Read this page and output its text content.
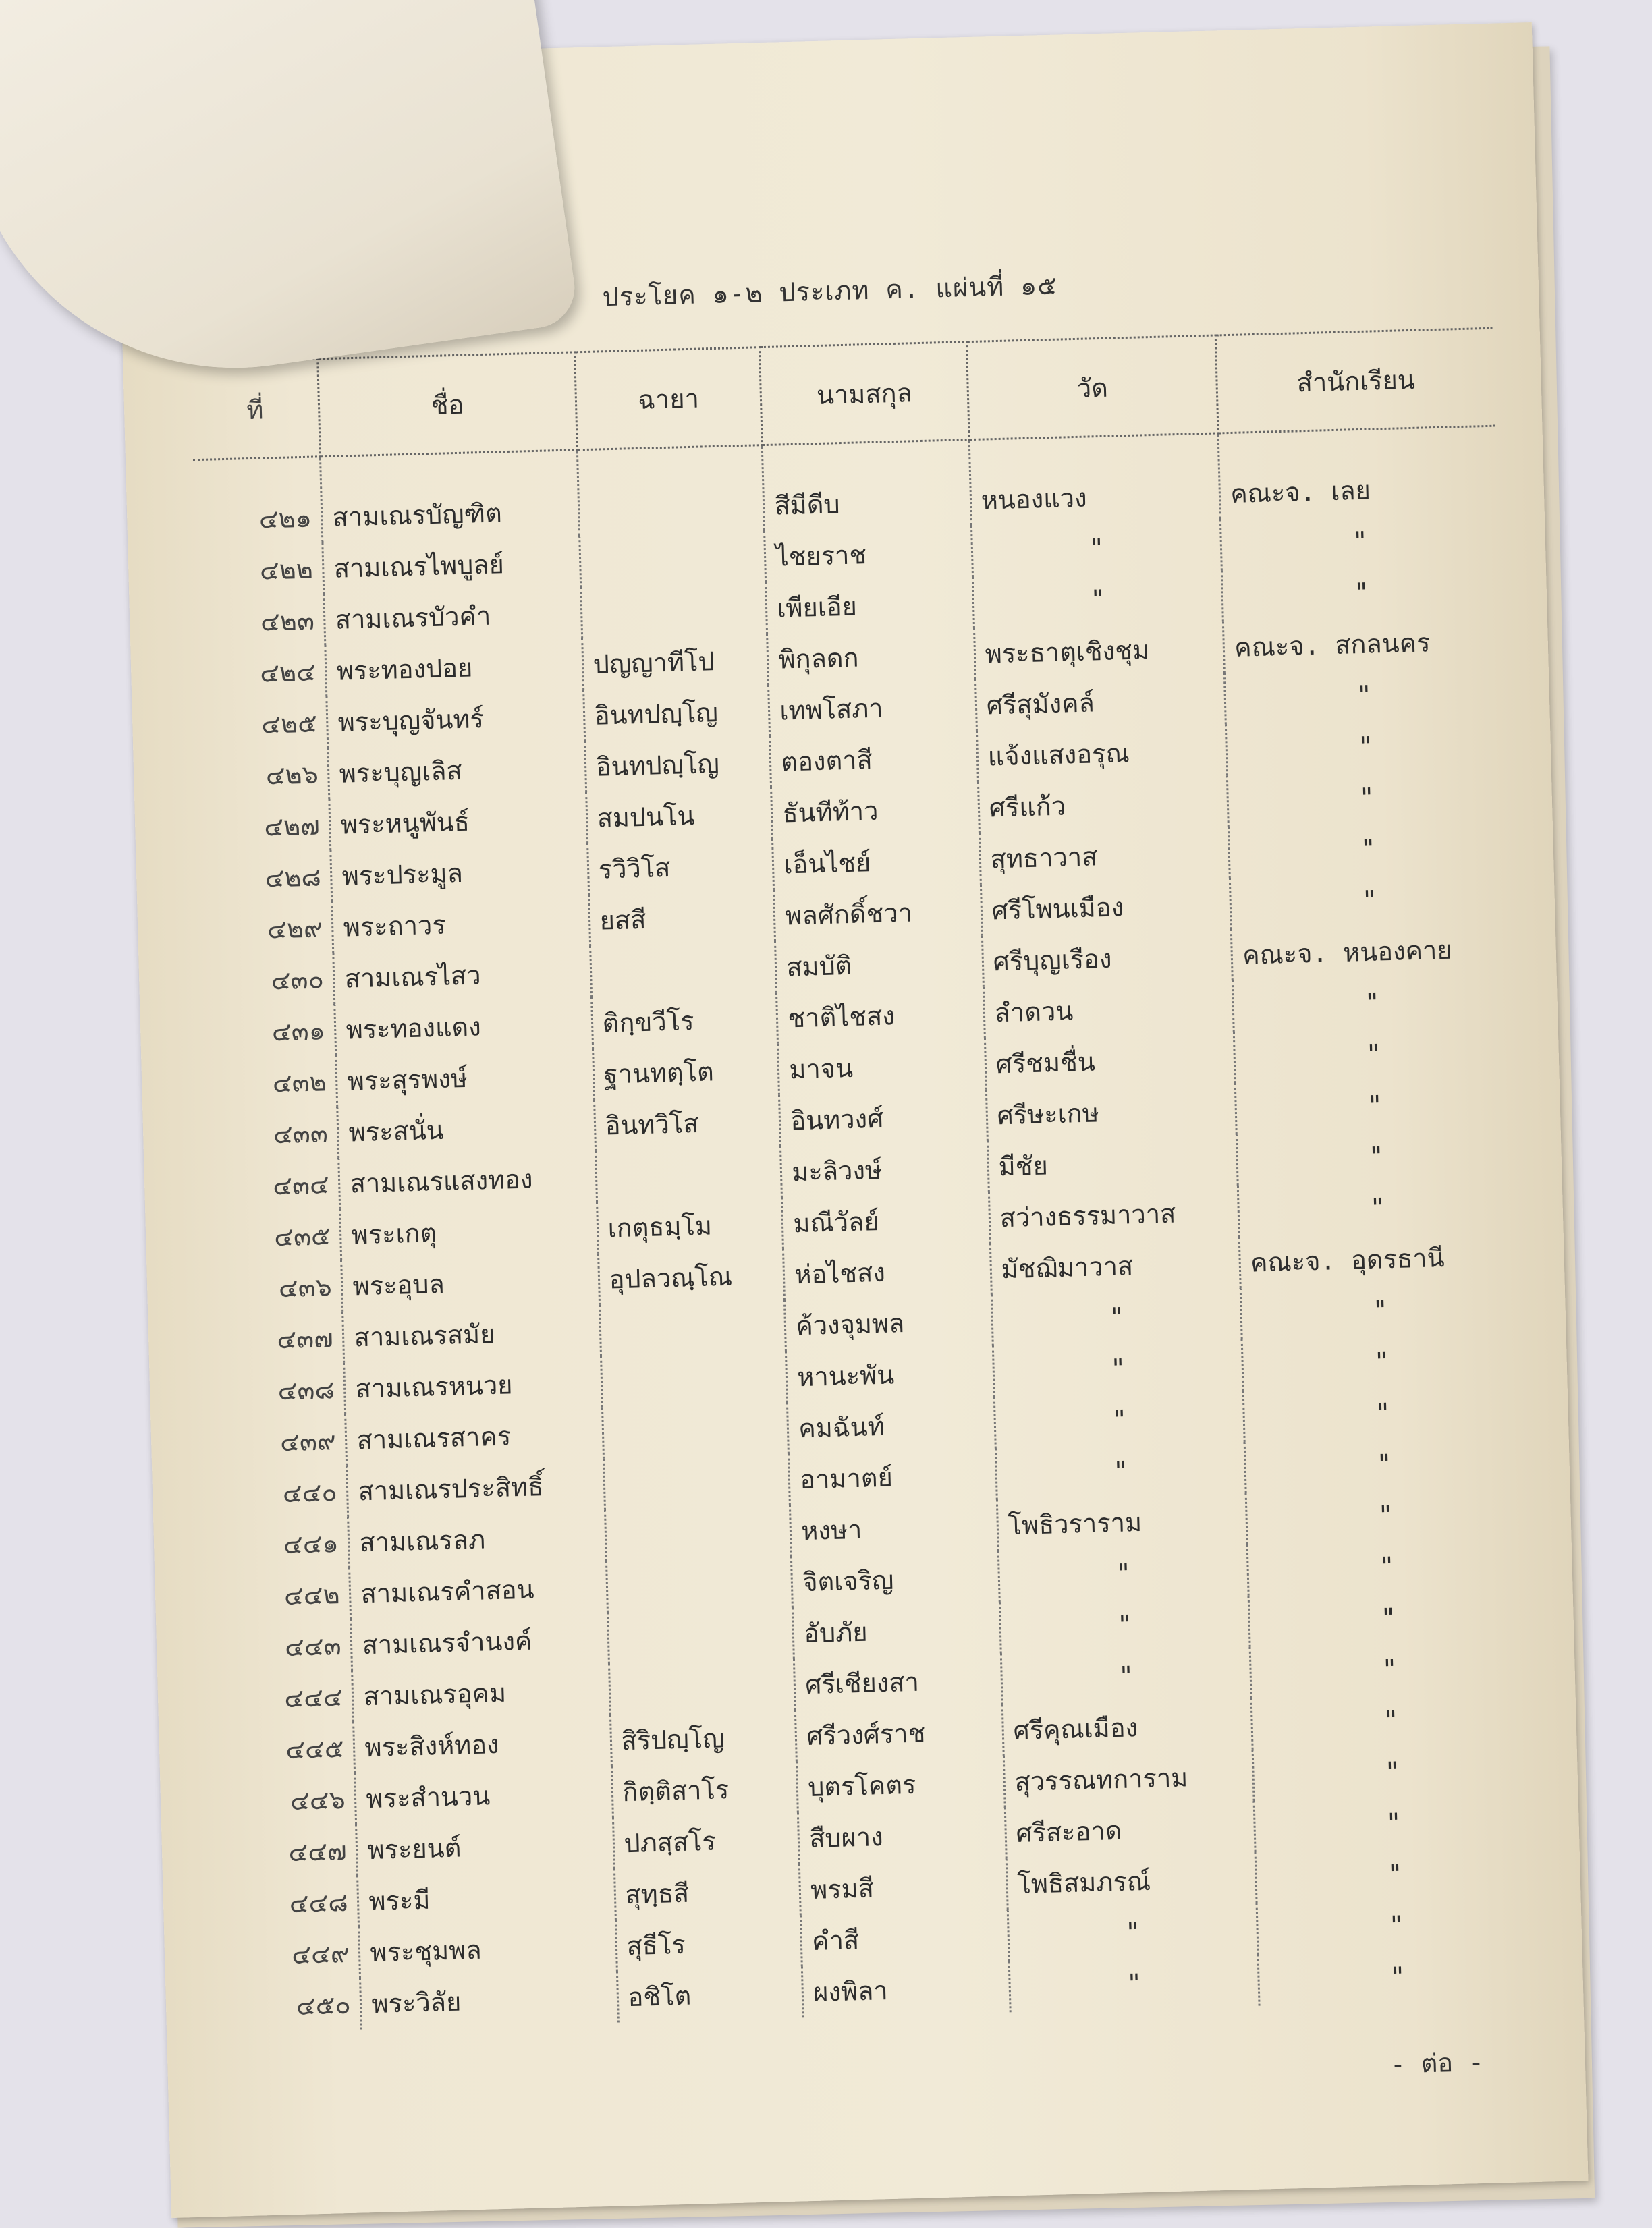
ประโยค ๑-๒ ประเภท ค. แผ่นที่ ๑๕
ที่	ชื่อ	ฉายา	นามสกุล	วัด	สำนักเรียน
๔๒๑	สามเณรบัญฑิต		สีมีดีบ	หนองแวง	คณะจ. เลย
๔๒๒	สามเณรไพบูลย์		ไชยราช	"	"
๔๒๓	สามเณรบัวคำ		เพียเอีย	"	"
๔๒๔	พระทองปอย	ปญญาทีโป	พิกุลดก	พระธาตุเชิงชุม	คณะจ. สกลนคร
๔๒๕	พระบุญจันทร์	อินทปญฺโญ	เทพโสภา	ศรีสุมังคล์	"
๔๒๖	พระบุญเลิส	อินทปญฺโญ	ตองตาสี	แจ้งแสงอรุณ	"
๔๒๗	พระหนูพันธ์	สมปนโน	ธันทีท้าว	ศรีแก้ว	"
๔๒๘	พระประมูล	รวิวิโส	เอ็นไชย์	สุทธาวาส	"
๔๒๙	พระถาวร	ยสสี	พลศักดิ์ชวา	ศรีโพนเมือง	"
๔๓๐	สามเณรไสว		สมบัติ	ศรีบุญเรือง	คณะจ. หนองคาย
๔๓๑	พระทองแดง	ติกฺขวีโร	ชาติไชสง	ลำดวน	"
๔๓๒	พระสุรพงษ์	ฐานทตฺโต	มาจน	ศรีชมชื่น	"
๔๓๓	พระสนั่น	อินทวิโส	อินทวงศ์	ศรีษะเกษ	"
๔๓๔	สามเณรแสงทอง		มะลิวงษ์	มีชัย	"
๔๓๕	พระเกตุ	เกตุธมฺโม	มณีวัลย์	สว่างธรรมาวาส	"
๔๓๖	พระอุบล	อุปลวณฺโณ	ห่อไชสง	มัชฌิมาวาส	คณะจ. อุดรธานี
๔๓๗	สามเณรสมัย		ค้วงจุมพล	"	"
๔๓๘	สามเณรหนวย		หานะพัน	"	"
๔๓๙	สามเณรสาคร		คมฉันท์	"	"
๔๔๐	สามเณรประสิทธิ์		อามาตย์	"	"
๔๔๑	สามเณรลภ		หงษา	โพธิวราราม	"
๔๔๒	สามเณรคำสอน		จิตเจริญ	"	"
๔๔๓	สามเณรจำนงค์		อับภัย	"	"
๔๔๔	สามเณรอุคม		ศรีเชียงสา	"	"
๔๔๕	พระสิงห์ทอง	สิริปญฺโญ	ศรีวงศ์ราช	ศรีคุณเมือง	"
๔๔๖	พระสำนวน	กิตฺติสาโร	บุตรโคตร	สุวรรณทการาม	"
๔๔๗	พระยนต์	ปภสฺสโร	สืบผาง	ศรีสะอาด	"
๔๔๘	พระมี	สุทฺธสี	พรมสี	โพธิสมภรณ์	"
๔๔๙	พระชุมพล	สุธีโร	คำสี	"	"
๔๕๐	พระวิลัย	อชิโต	ผงพิลา	"	"
- ต่อ -
